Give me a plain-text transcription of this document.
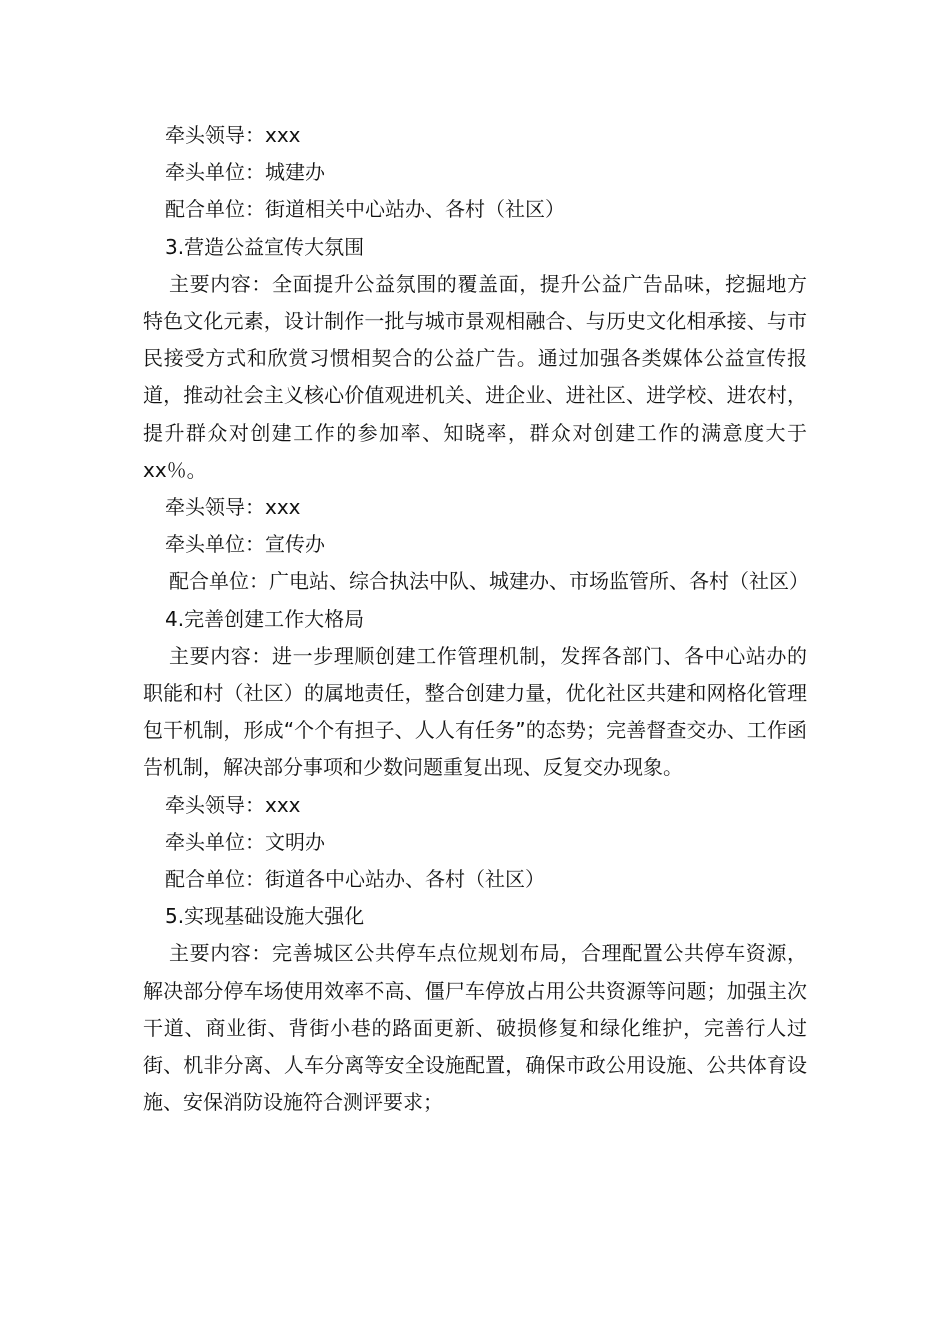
牵头领导：xxx
牵头单位：城建办
配合单位：街道相关中心站办、各村（社区）
3.营造公益宣传大氛围

主要内容：全面提升公益氛围的覆盖面，提升公益广告品味，挖掘地方特色文化元素，设计制作一批与城市景观相融合、与历史文化相承接、与市民接受方式和欣赏习惯相契合的公益广告。通过加强各类媒体公益宣传报道，推动社会主义核心价值观进机关、进企业、进社区、进学校、进农村，提升群众对创建工作的参加率、知晓率，群众对创建工作的满意度大于xx％。

牵头领导：xxx
牵头单位：宣传办

配合单位：广电站、综合执法中队、城建办、市场监管所、各村（社区）

4.完善创建工作大格局

主要内容：进一步理顺创建工作管理机制，发挥各部门、各中心站办的职能和村（社区）的属地责任，整合创建力量，优化社区共建和网格化管理包干机制，形成“个个有担子、人人有任务”的态势；完善督查交办、工作函告机制，解决部分事项和少数问题重复出现、反复交办现象。

牵头领导：xxx
牵头单位：文明办
配合单位：街道各中心站办、各村（社区）
5.实现基础设施大强化

主要内容：完善城区公共停车点位规划布局，合理配置公共停车资源，解决部分停车场使用效率不高、僵尸车停放占用公共资源等问题；加强主次干道、商业街、背街小巷的路面更新、破损修复和绿化维护，完善行人过街、机非分离、人车分离等安全设施配置，确保市政公用设施、公共体育设施、安保消防设施符合测评要求；
